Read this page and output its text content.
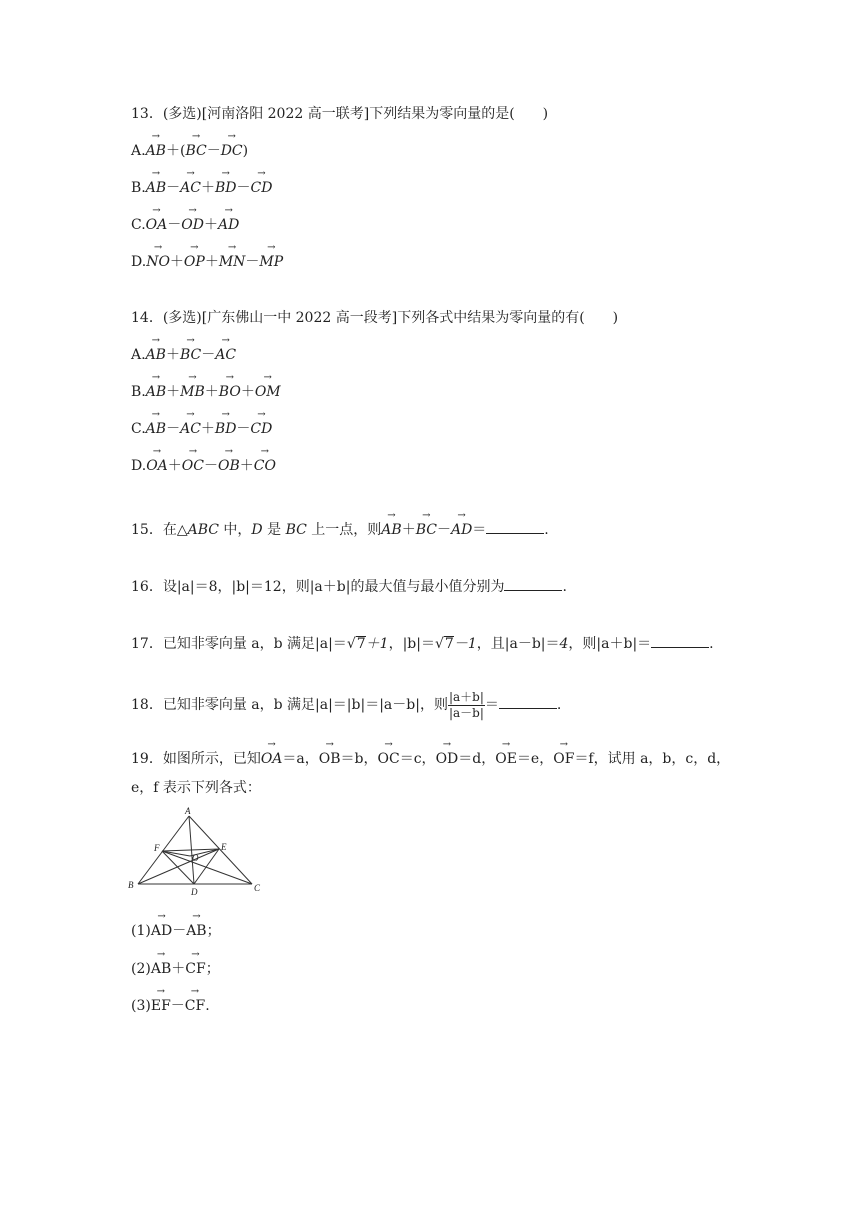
13．(多选)[河南洛阳 2022 高一联考]下列结果为零向量的是(　　)
A.→ AB＋(→ BC－→ DC)
B.→ AB－→ AC＋→ BD－→ CD
C.→ OA－→ OD＋→ AD
D.→ NO＋→ OP＋→ MN－→ MP
14．(多选)[广东佛山一中 2022 高一段考]下列各式中结果为零向量的有(　　)
A.→ AB＋→ BC－→ AC
B.→ AB＋→ MB＋→ BO＋→ OM
C.→ AB－→ AC＋→ BD－→ CD
D.→ OA＋→ OC－→ OB＋→ CO
15．在△ABC 中，D 是 BC 上一点，则→ AB＋→ BC－→ AD＝	.
16．设|a|＝8，|b|＝12，则|a＋b|的最大值与最小值分别为	.
17．已知非零向量 a，b 满足|a|＝√7＋1，|b|＝√7－1，且|a－b|＝4，则|a＋b|＝	.
18．已知非零向量 a，b 满足|a|＝|b|＝|a－b|，则 $\frac{|a+b|}{|a-b|}$ ＝	.
19．如图所示，已知→ OA＝a，→ OB＝b，→ OC＝c，→ OD＝d，→ OE＝e，→ OF＝f，试用 a，b，c，d，
e，f 表示下列各式：
A
B	C
D
E
F
O
(1)→ AD－→ AB；
(2)→ AB＋→ CF；
(3)→ EF－→ CF.
